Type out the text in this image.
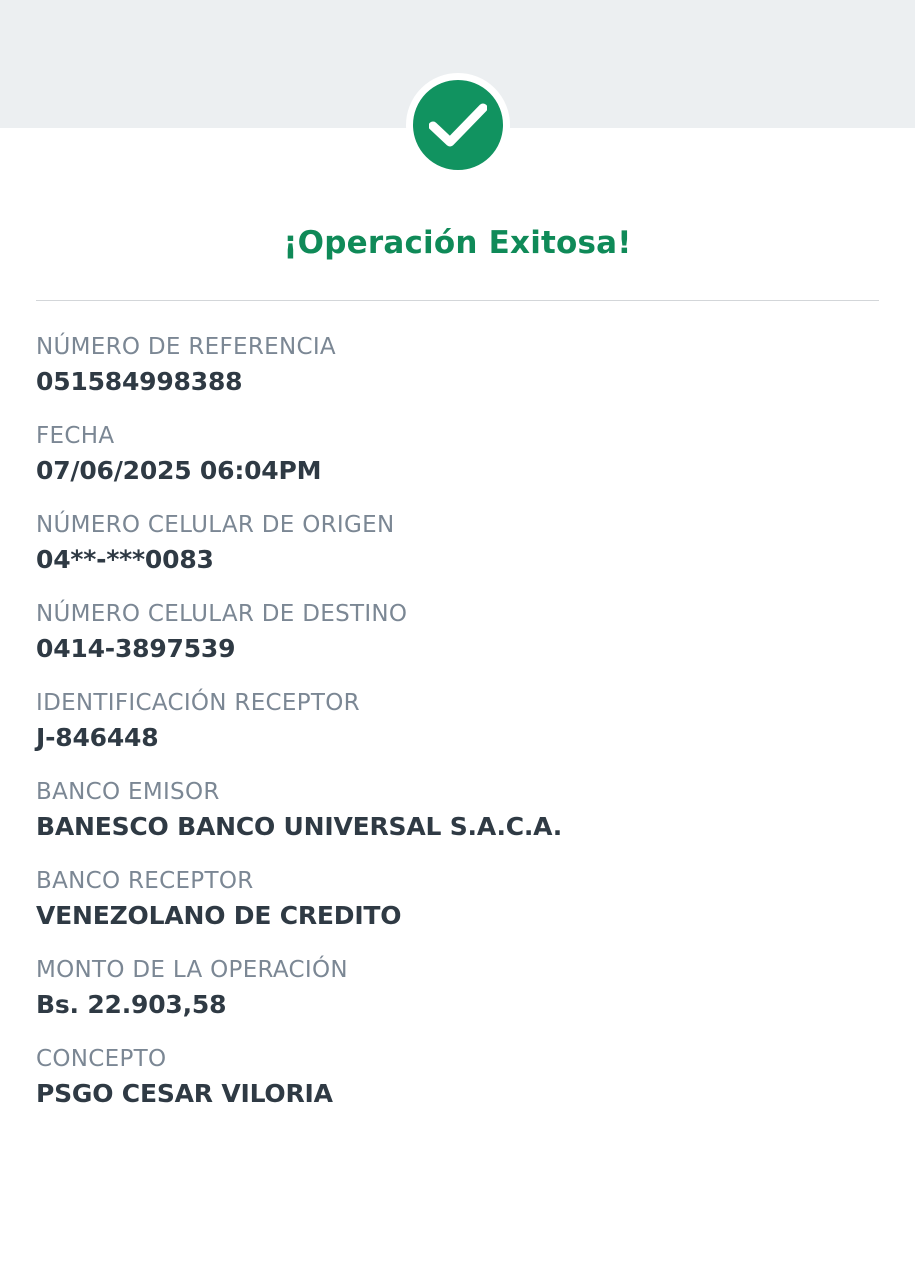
¡Operación Exitosa!
NÚMERO DE REFERENCIA
051584998388
FECHA
07/06/2025 06:04PM
NÚMERO CELULAR DE ORIGEN
04**-***0083
NÚMERO CELULAR DE DESTINO
0414-3897539
IDENTIFICACIÓN RECEPTOR
J-846448
BANCO EMISOR
BANESCO BANCO UNIVERSAL S.A.C.A.
BANCO RECEPTOR
VENEZOLANO DE CREDITO
MONTO DE LA OPERACIÓN
Bs. 22.903,58
CONCEPTO
PSGO CESAR VILORIA
